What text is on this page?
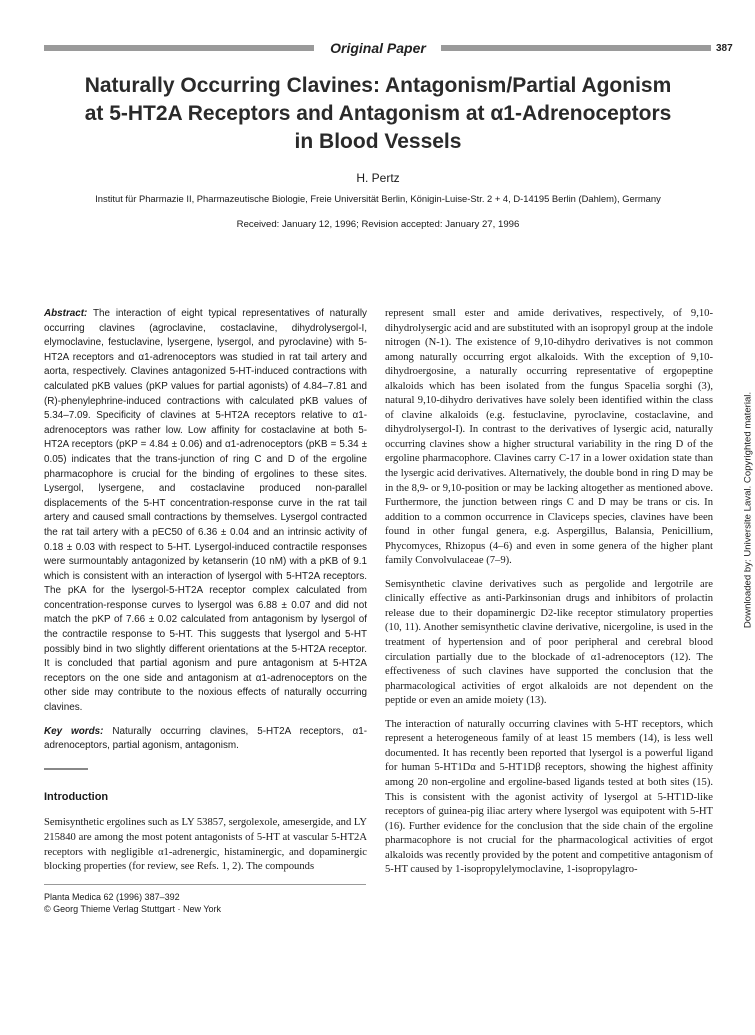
Original Paper	387
Naturally Occurring Clavines: Antagonism/Partial Agonism
at 5-HT2A Receptors and Antagonism at α1-Adrenoceptors
in Blood Vessels
H. Pertz
Institut für Pharmazie II, Pharmazeutische Biologie, Freie Universität Berlin, Königin-Luise-Str. 2 + 4, D-14195 Berlin (Dahlem), Germany
Received: January 12, 1996; Revision accepted: January 27, 1996
Downloaded by: Universite Laval. Copyrighted material.

Abstract: The interaction of eight typical representatives of naturally occurring clavines (agroclavine, costaclavine, dihydrolysergol-I, elymoclavine, festuclavine, lysergene, lysergol, and pyroclavine) with 5-HT2A receptors and α1-adrenoceptors was studied in rat tail artery and aorta, respectively. Clavines antagonized 5-HT-induced contractions with calculated pKB values (pKP values for partial agonists) of 4.84–7.81 and (R)-phenylephrine-induced contractions with calculated pKB values of 5.34–7.09. Specificity of clavines at 5-HT2A receptors relative to α1-adrenoceptors was rather low. Low affinity for costaclavine at both 5-HT2A receptors (pKP = 4.84 ± 0.06) and α1-adrenoceptors (pKB = 5.34 ± 0.05) indicates that the trans-junction of ring C and D of the ergoline pharmacophore is crucial for the binding of ergolines to these sites. Lysergol, lysergene, and costaclavine produced non-parallel displacements of the 5-HT concentration-response curve in the rat tail artery and caused small contractions by themselves. Lysergol contracted the rat tail artery with a pEC50 of 6.36 ± 0.04 and an intrinsic activity of 0.18 ± 0.03 with respect to 5-HT. Lysergol-induced contractile responses were surmountably antagonized by ketanserin (10 nM) with a pKB of 9.1 which is consistent with an interaction of lysergol with 5-HT2A receptors. The pKA for the lysergol-5-HT2A receptor complex calculated from concentration-response curves to lysergol was 6.88 ± 0.07 and did not match the pKP of 7.66 ± 0.02 calculated from antagonism by lysergol of the contractile response to 5-HT. This suggests that lysergol and 5-HT possibly bind in two slightly different orientations at the 5-HT2A receptor. It is concluded that partial agonism and pure antagonism at 5-HT2A receptors on the one side and antagonism at α1-adrenoceptors on the other side may contribute to the noxious effects of naturally occurring clavines.

Key words: Naturally occurring clavines, 5-HT2A receptors, α1-adrenoceptors, partial agonism, antagonism.

Introduction

Semisynthetic ergolines such as LY 53857, sergolexole, amesergide, and LY 215840 are among the most potent antagonists of 5-HT at vascular 5-HT2A receptors with negligible α1-adrenergic, histaminergic, and dopaminergic blocking properties (for review, see Refs. 1, 2). The compounds

Planta Medica 62 (1996) 387–392
© Georg Thieme Verlag Stuttgart · New York

represent small ester and amide derivatives, respectively, of 9,10-dihydrolysergic acid and are substituted with an isopropyl group at the indole nitrogen (N-1). The existence of 9,10-dihydro derivatives is not common among naturally occurring ergot alkaloids. With the exception of 9,10-dihydroergosine, a naturally occurring representative of ergopeptine alkaloids which has been isolated from the fungus Spacelia sorghi (3), natural 9,10-dihydro derivatives have solely been identified within the class of clavine alkaloids (e.g. festuclavine, pyroclavine, costaclavine, and dihydrolysergol-I). In contrast to the derivatives of lysergic acid, naturally occurring clavines show a higher structural variability in the ring D of the ergoline pharmacophore. Clavines carry C-17 in a lower oxidation state than the lysergic acid derivatives. Alternatively, the double bond in ring D may be in the 8,9- or 9,10-position or may be lacking altogether as mentioned above. Furthermore, the junction between rings C and D may be trans or cis. In addition to a common occurrence in Claviceps species, clavines have been found in other fungal genera, e.g. Aspergillus, Balansia, Penicillium, Phycomyces, Rhizopus (4–6) and even in some genera of the higher plant family Convolvulaceae (7–9).

Semisynthetic clavine derivatives such as pergolide and lergotrile are clinically effective as anti-Parkinsonian drugs and inhibitors of prolactin release due to their dopaminergic D2-like receptor stimulatory properties (10, 11). Another semisynthetic clavine derivative, nicergoline, is used in the treatment of hypertension and of poor peripheral and cerebral blood circulation partially due to the blockade of α1-adrenoceptors (12). The effectiveness of such clavines have supported the conclusion that the pharmacological activities of ergot alkaloids are not dependent on the peptide or even an amide moiety (13).

The interaction of naturally occurring clavines with 5-HT receptors, which represent a heterogeneous family of at least 15 members (14), is less well documented. It has recently been reported that lysergol is a powerful ligand for human 5-HT1Dα and 5-HT1Dβ receptors, showing the highest affinity among 20 non-ergoline and ergoline-based ligands tested at both sites (15). This is consistent with the agonist activity of lysergol at 5-HT1D-like receptors of guinea-pig iliac artery where lysergol was equipotent with 5-HT (16). Further evidence for the conclusion that the side chain of the ergoline pharmacophore is not crucial for the pharmacological activities of ergot alkaloids was recently provided by the potent and competitive antagonism of 5-HT caused by 1-isopropylelymoclavine, 1-isopropylagro-
